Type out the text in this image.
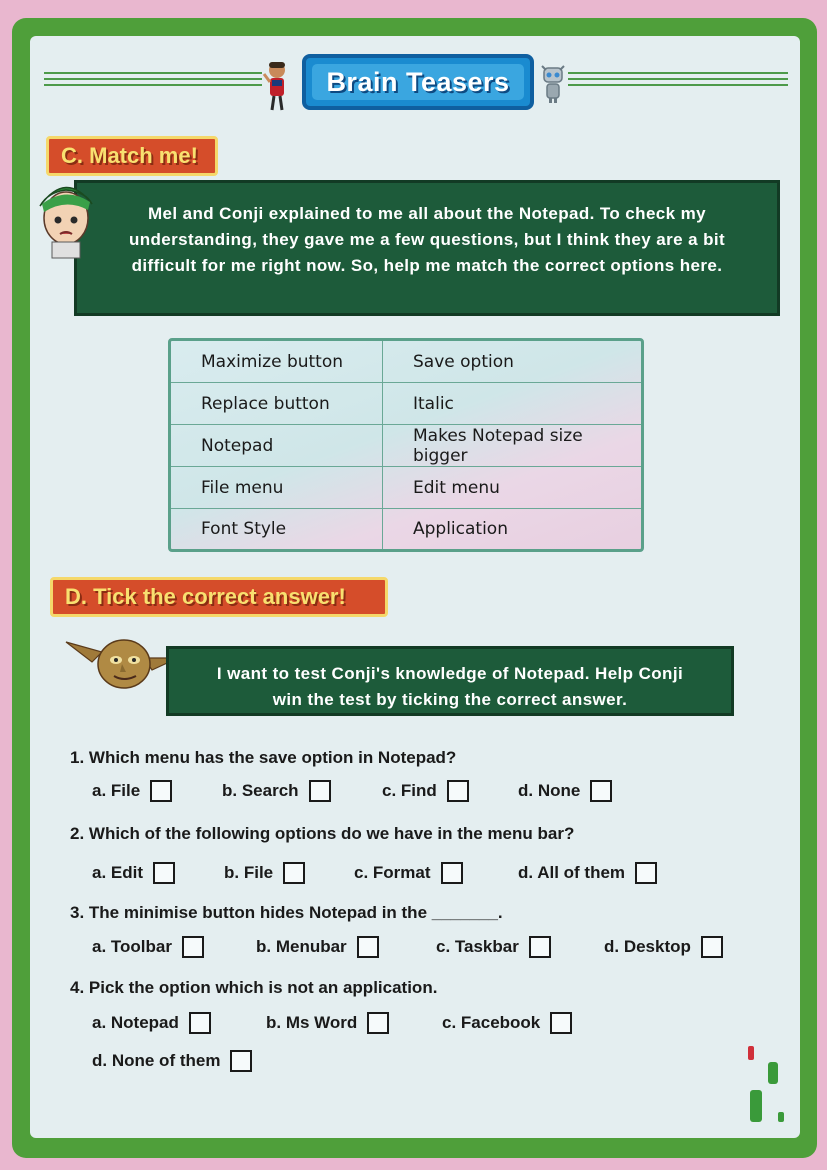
Brain Teasers
C. Match me!
Mel and Conji explained to me all about the Notepad. To check my
understanding, they gave me a few questions, but I think they are a bit
difficult for me right now. So, help me match the correct options here.
Maximize button	Save option
Replace button	Italic
Notepad	Makes Notepad size bigger
File menu	Edit menu
Font Style	Application
D. Tick the correct answer!
I want to test Conji's knowledge of Notepad. Help Conji
win the test by ticking the correct answer.
1. Which menu has the save option in Notepad?
a. File	b. Search	c. Find	d. None
2. Which of the following options do we have in the menu bar?
a. Edit	b. File	c. Format	d. All of them
3. The minimise button hides Notepad in the _______.
a. Toolbar	b. Menubar	c. Taskbar	d. Desktop
4. Pick the option which is not an application.
a. Notepad	b. Ms Word	c. Facebook
d. None of them
